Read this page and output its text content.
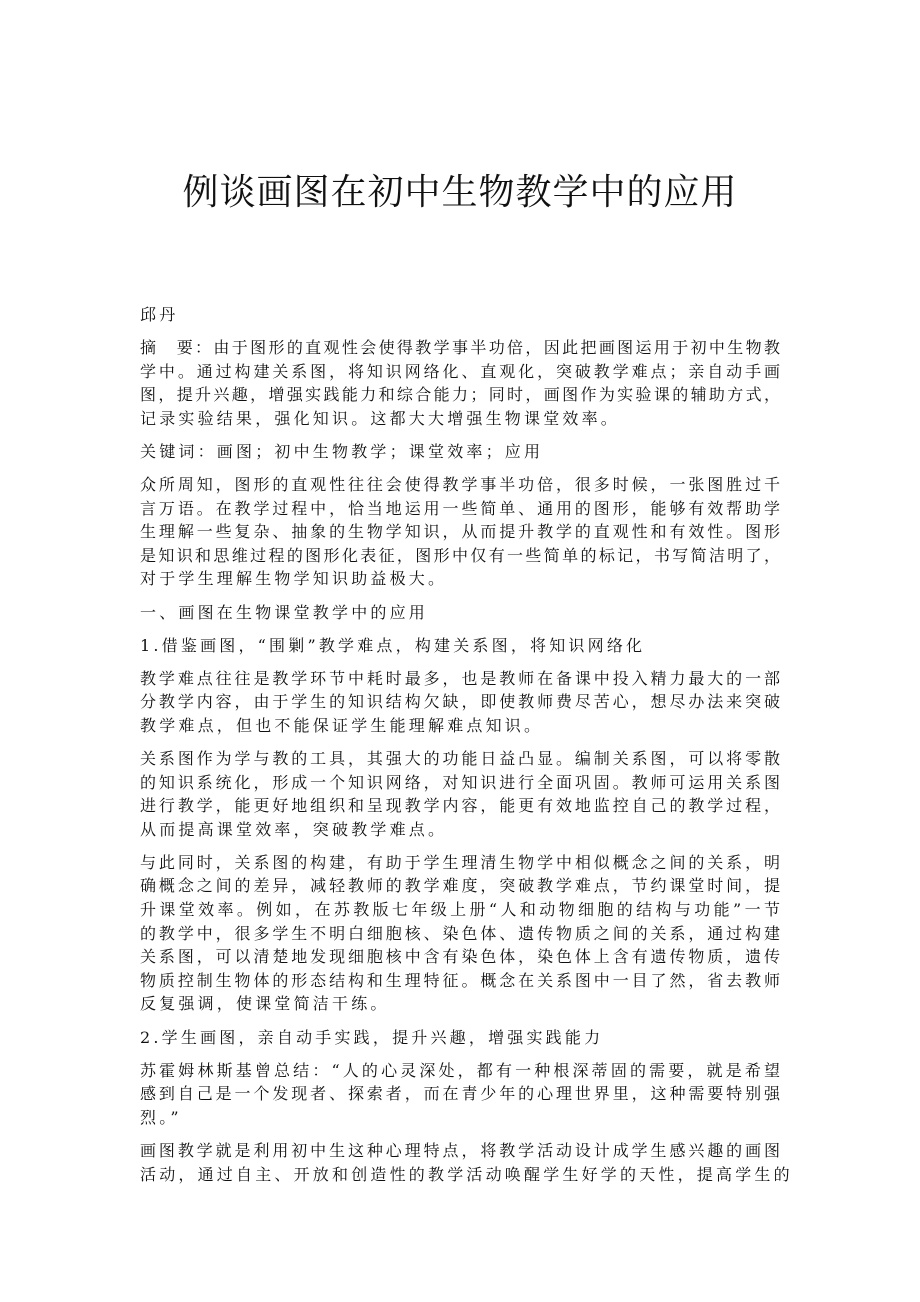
例谈画图在初中生物教学中的应用
邱丹
摘　要：由于图形的直观性会使得教学事半功倍，因此把画图运用于初中生物教
学中。通过构建关系图，将知识网络化、直观化，突破教学难点；亲自动手画
图，提升兴趣，增强实践能力和综合能力；同时，画图作为实验课的辅助方式，
记录实验结果，强化知识。这都大大增强生物课堂效率。
关键词：画图；初中生物教学；课堂效率；应用
众所周知，图形的直观性往往会使得教学事半功倍，很多时候，一张图胜过千
言万语。在教学过程中，恰当地运用一些简单、通用的图形，能够有效帮助学
生理解一些复杂、抽象的生物学知识，从而提升教学的直观性和有效性。图形
是知识和思维过程的图形化表征，图形中仅有一些简单的标记，书写简洁明了，
对于学生理解生物学知识助益极大。
一、画图在生物课堂教学中的应用
1.借鉴画图，“围剿”教学难点，构建关系图，将知识网络化
教学难点往往是教学环节中耗时最多，也是教师在备课中投入精力最大的一部
分教学内容，由于学生的知识结构欠缺，即使教师费尽苦心，想尽办法来突破
教学难点，但也不能保证学生能理解难点知识。
关系图作为学与教的工具，其强大的功能日益凸显。编制关系图，可以将零散
的知识系统化，形成一个知识网络，对知识进行全面巩固。教师可运用关系图
进行教学，能更好地组织和呈现教学内容，能更有效地监控自己的教学过程，
从而提高课堂效率，突破教学难点。
与此同时，关系图的构建，有助于学生理清生物学中相似概念之间的关系，明
确概念之间的差异，减轻教师的教学难度，突破教学难点，节约课堂时间，提
升课堂效率。例如，在苏教版七年级上册“人和动物细胞的结构与功能”一节
的教学中，很多学生不明白细胞核、染色体、遗传物质之间的关系，通过构建
关系图，可以清楚地发现细胞核中含有染色体，染色体上含有遗传物质，遗传
物质控制生物体的形态结构和生理特征。概念在关系图中一目了然，省去教师
反复强调，使课堂简洁干练。
2.学生画图，亲自动手实践，提升兴趣，增强实践能力
苏霍姆林斯基曾总结：“人的心灵深处，都有一种根深蒂固的需要，就是希望
感到自己是一个发现者、探索者，而在青少年的心理世界里，这种需要特别强
烈。”
画图教学就是利用初中生这种心理特点，将教学活动设计成学生感兴趣的画图
活动，通过自主、开放和创造性的教学活动唤醒学生好学的天性，提高学生的
